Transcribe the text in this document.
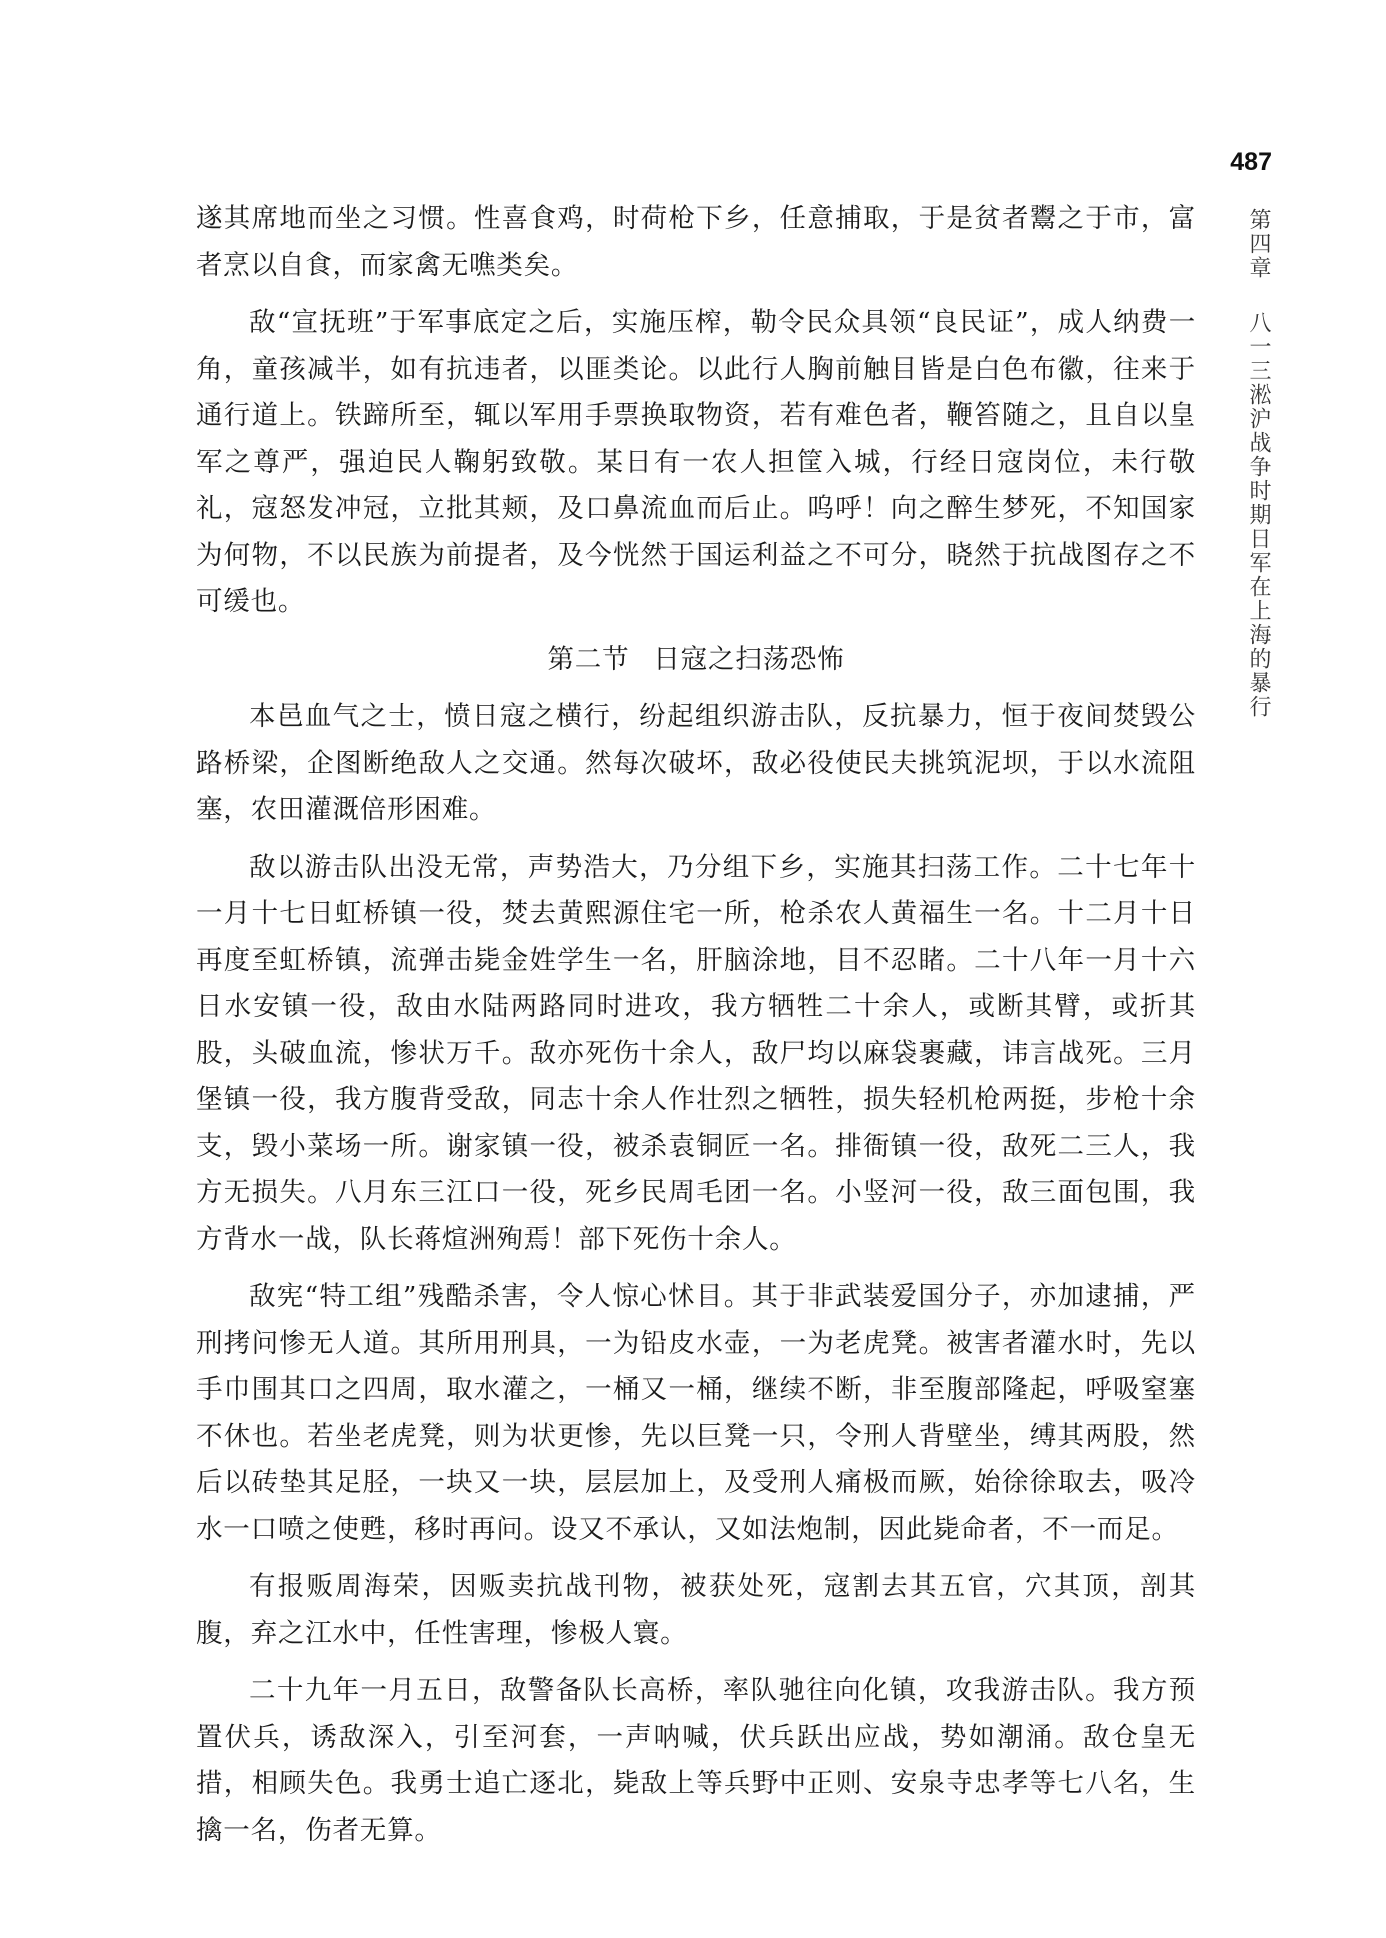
487
第四章 八一三淞沪战争时期日军在上海的暴行

遂其席地而坐之习惯。性喜食鸡，时荷枪下乡，任意捕取，于是贫者鬻之于市，富者烹以自食，而家禽无噍类矣。

敌“宣抚班”于军事底定之后，实施压榨，勒令民众具领“良民证”，成人纳费一角，童孩减半，如有抗违者，以匪类论。以此行人胸前触目皆是白色布徽，往来于通行道上。铁蹄所至，辄以军用手票换取物资，若有难色者，鞭笞随之，且自以皇军之尊严，强迫民人鞠躬致敬。某日有一农人担筐入城，行经日寇岗位，未行敬礼，寇怒发冲冠，立批其颊，及口鼻流血而后止。呜呼！向之醉生梦死，不知国家为何物，不以民族为前提者，及今恍然于国运利益之不可分，晓然于抗战图存之不可缓也。

第二节 日寇之扫荡恐怖

本邑血气之士，愤日寇之横行，纷起组织游击队，反抗暴力，恒于夜间焚毁公路桥梁，企图断绝敌人之交通。然每次破坏，敌必役使民夫挑筑泥坝，于以水流阻塞，农田灌溉倍形困难。

敌以游击队出没无常，声势浩大，乃分组下乡，实施其扫荡工作。二十七年十一月十七日虹桥镇一役，焚去黄熙源住宅一所，枪杀农人黄福生一名。十二月十日再度至虹桥镇，流弹击毙金姓学生一名，肝脑涂地，目不忍睹。二十八年一月十六日水安镇一役，敌由水陆两路同时进攻，我方牺牲二十余人，或断其臂，或折其股，头破血流，惨状万千。敌亦死伤十余人，敌尸均以麻袋裹藏，讳言战死。三月堡镇一役，我方腹背受敌，同志十余人作壮烈之牺牲，损失轻机枪两挺，步枪十余支，毁小菜场一所。谢家镇一役，被杀袁铜匠一名。排衙镇一役，敌死二三人，我方无损失。八月东三江口一役，死乡民周毛团一名。小竖河一役，敌三面包围，我方背水一战，队长蒋煊洲殉焉！部下死伤十余人。

敌宪“特工组”残酷杀害，令人惊心怵目。其于非武装爱国分子，亦加逮捕，严刑拷问惨无人道。其所用刑具，一为铅皮水壶，一为老虎凳。被害者灌水时，先以手巾围其口之四周，取水灌之，一桶又一桶，继续不断，非至腹部隆起，呼吸窒塞不休也。若坐老虎凳，则为状更惨，先以巨凳一只，令刑人背壁坐，缚其两股，然后以砖垫其足胫，一块又一块，层层加上，及受刑人痛极而厥，始徐徐取去，吸冷水一口喷之使甦，移时再问。设又不承认，又如法炮制，因此毙命者，不一而足。

有报贩周海荣，因贩卖抗战刊物，被获处死，寇割去其五官，穴其顶，剖其腹，弃之江水中，任性害理，惨极人寰。

二十九年一月五日，敌警备队长高桥，率队驰往向化镇，攻我游击队。我方预置伏兵，诱敌深入，引至河套，一声呐喊，伏兵跃出应战，势如潮涌。敌仓皇无措，相顾失色。我勇士追亡逐北，毙敌上等兵野中正则、安泉寺忠孝等七八名，生擒一名，伤者无算。
